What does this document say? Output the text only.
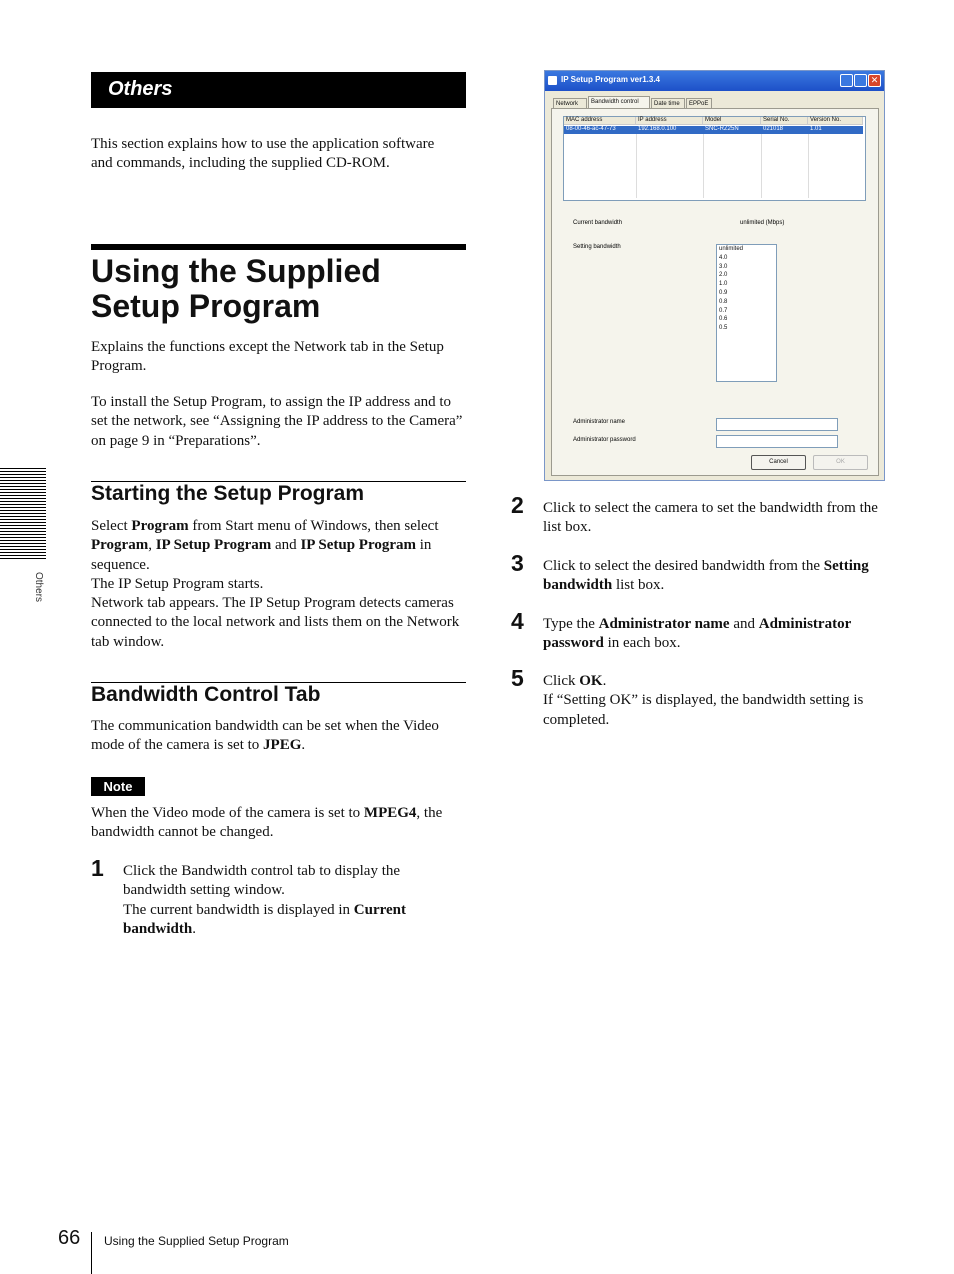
Others
This section explains how to use the application software and commands, including the supplied CD-ROM.
Using the Supplied
Setup Program
Explains the functions except the Network tab in the Setup Program.
To install the Setup Program, to assign the IP address and to set the network, see “Assigning the IP address to the Camera” on page 9 in “Preparations”.
Starting the Setup Program
Select Program from Start menu of Windows, then select Program, IP Setup Program and IP Setup Program in sequence.
The IP Setup Program starts.
Network tab appears. The IP Setup Program detects cameras connected to the local network and lists them on the Network tab window.
Bandwidth Control Tab
The communication bandwidth can be set when the Video mode of the camera is set to JPEG.
Note
When the Video mode of the camera is set to MPEG4, the bandwidth cannot be changed.
1 Click the Bandwidth control tab to display the bandwidth setting window.
The current bandwidth is displayed in Current bandwidth.
Others
IP Setup Program ver1.3.4	✕
Network	Bandwidth control	Date time	EPPoE
MAC address	IP address	Model	Serial No.	Version No.
08-00-46-ac-47-73	192.168.0.100	SNC-RZ25N	021018	1.01
Current bandwidth	unlimited (Mbps)
Setting bandwidth	unlimited
4.0
3.0
2.0
1.0
0.9
0.8
0.7
0.6
0.5
Administrator name
Administrator password
Cancel	OK
2 Click to select the camera to set the bandwidth from the list box.
3 Click to select the desired bandwidth from the Setting bandwidth list box.
4 Type the Administrator name and Administrator password in each box.
5 Click OK.
If “Setting OK” is displayed, the bandwidth setting is completed.
66 Using the Supplied Setup Program
